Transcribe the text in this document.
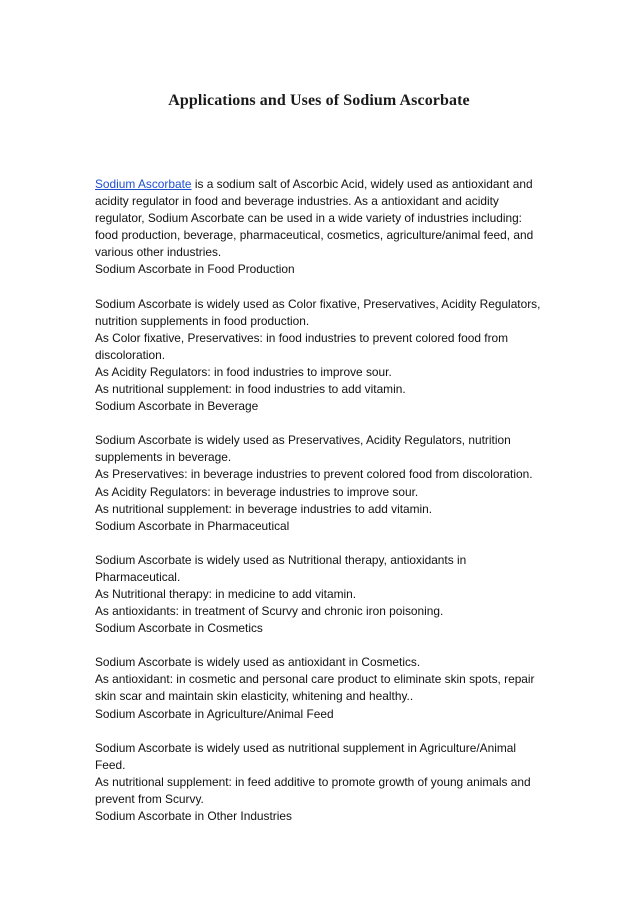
Applications and Uses of Sodium Ascorbate
Sodium Ascorbate is a sodium salt of Ascorbic Acid, widely used as antioxidant and
acidity regulator in food and beverage industries. As a antioxidant and acidity
regulator, Sodium Ascorbate can be used in a wide variety of industries including:
food production, beverage, pharmaceutical, cosmetics, agriculture/animal feed, and
various other industries.
Sodium Ascorbate in Food Production
Sodium Ascorbate is widely used as Color fixative, Preservatives, Acidity Regulators,
nutrition supplements in food production.
As Color fixative, Preservatives: in food industries to prevent colored food from
discoloration.
As Acidity Regulators: in food industries to improve sour.
As nutritional supplement: in food industries to add vitamin.
Sodium Ascorbate in Beverage
Sodium Ascorbate is widely used as Preservatives, Acidity Regulators, nutrition
supplements in beverage.
As Preservatives: in beverage industries to prevent colored food from discoloration.
As Acidity Regulators: in beverage industries to improve sour.
As nutritional supplement: in beverage industries to add vitamin.
Sodium Ascorbate in Pharmaceutical
Sodium Ascorbate is widely used as Nutritional therapy, antioxidants in
Pharmaceutical.
As Nutritional therapy: in medicine to add vitamin.
As antioxidants: in treatment of Scurvy and chronic iron poisoning.
Sodium Ascorbate in Cosmetics
Sodium Ascorbate is widely used as antioxidant in Cosmetics.
As antioxidant: in cosmetic and personal care product to eliminate skin spots, repair
skin scar and maintain skin elasticity, whitening and healthy..
Sodium Ascorbate in Agriculture/Animal Feed
Sodium Ascorbate is widely used as nutritional supplement in Agriculture/Animal
Feed.
As nutritional supplement: in feed additive to promote growth of young animals and
prevent from Scurvy.
Sodium Ascorbate in Other Industries
